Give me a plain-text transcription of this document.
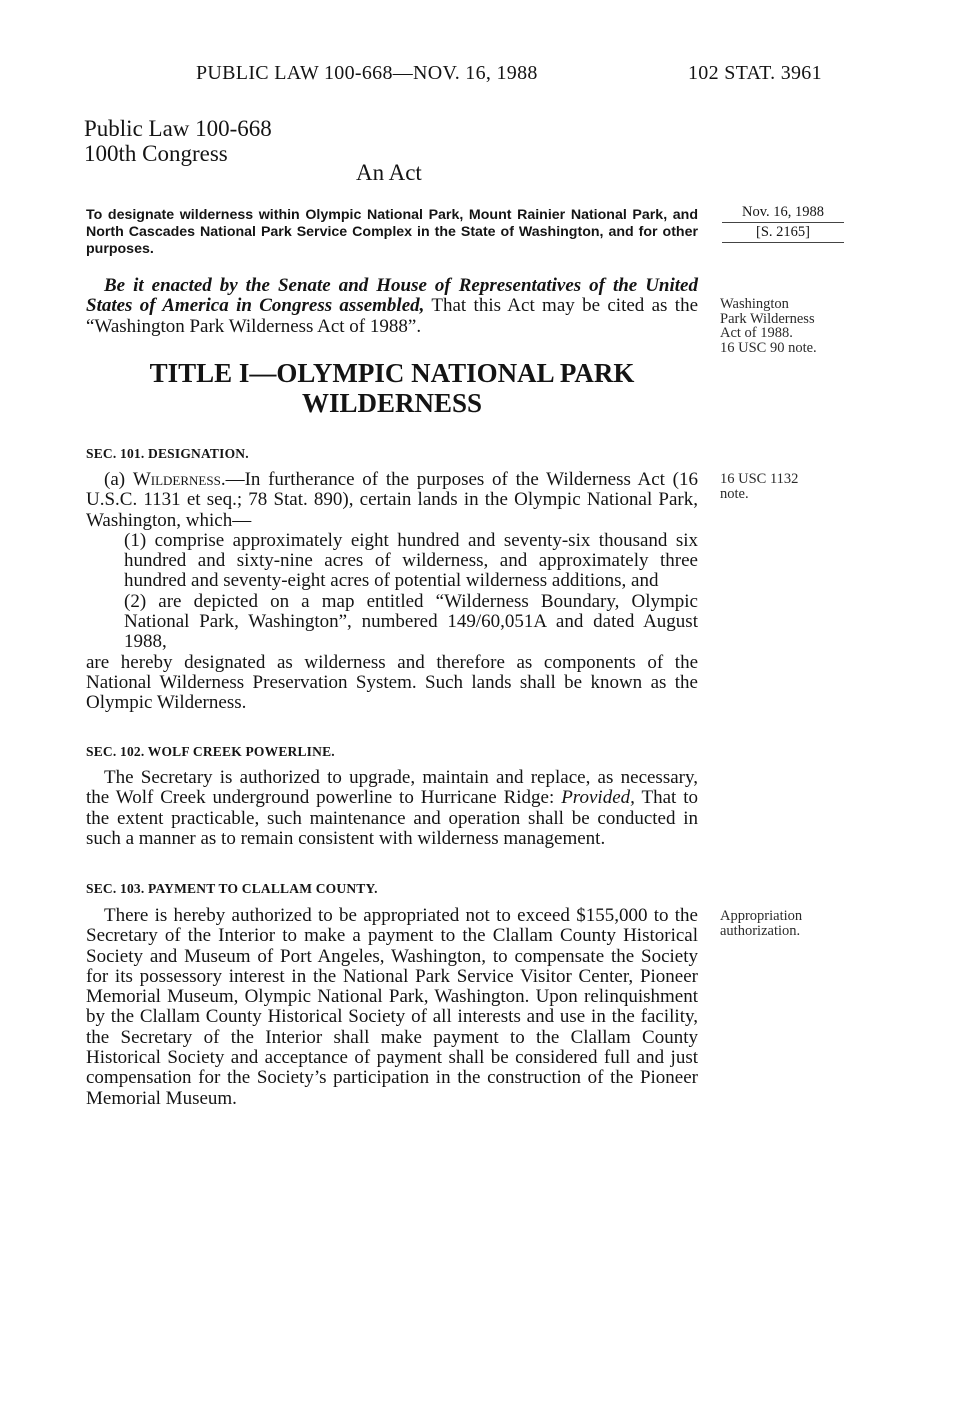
PUBLIC LAW 100-668—NOV. 16, 1988	102 STAT. 3961
Public Law 100-668
100th Congress
An Act
To designate wilderness within Olympic National Park, Mount Rainier National Park, and North Cascades National Park Service Complex in the State of Washington, and for other purposes.
Nov. 16, 1988
[S. 2165]
Washington
Park Wilderness
Act of 1988.
16 USC 90 note.

Be it enacted by the Senate and House of Representatives of the United States of America in Congress assembled, That this Act may be cited as the “Washington Park Wilderness Act of 1988”.

TITLE I—OLYMPIC NATIONAL PARK
WILDERNESS
SEC. 101. DESIGNATION.
16 USC 1132
note.

(a) Wilderness.—In furtherance of the purposes of the Wilderness Act (16 U.S.C. 1131 et seq.; 78 Stat. 890), certain lands in the Olympic National Park, Washington, which—

(1) comprise approximately eight hundred and seventy-six thousand six hundred and sixty-nine acres of wilderness, and approximately three hundred and seventy-eight acres of potential wilderness additions, and

(2) are depicted on a map entitled “Wilderness Boundary, Olympic National Park, Washington”, numbered 149/60,051A and dated August 1988,

are hereby designated as wilderness and therefore as components of the National Wilderness Preservation System. Such lands shall be known as the Olympic Wilderness.

SEC. 102. WOLF CREEK POWERLINE.

The Secretary is authorized to upgrade, maintain and replace, as necessary, the Wolf Creek underground powerline to Hurricane Ridge: Provided, That to the extent practicable, such maintenance and operation shall be conducted in such a manner as to remain consistent with wilderness management.

SEC. 103. PAYMENT TO CLALLAM COUNTY.
Appropriation
authorization.

There is hereby authorized to be appropriated not to exceed $155,000 to the Secretary of the Interior to make a payment to the Clallam County Historical Society and Museum of Port Angeles, Washington, to compensate the Society for its possessory interest in the National Park Service Visitor Center, Pioneer Memorial Museum, Olympic National Park, Washington. Upon relinquishment by the Clallam County Historical Society of all interests and use in the facility, the Secretary of the Interior shall make payment to the Clallam County Historical Society and acceptance of payment shall be considered full and just compensation for the Society’s participation in the construction of the Pioneer Memorial Museum.
